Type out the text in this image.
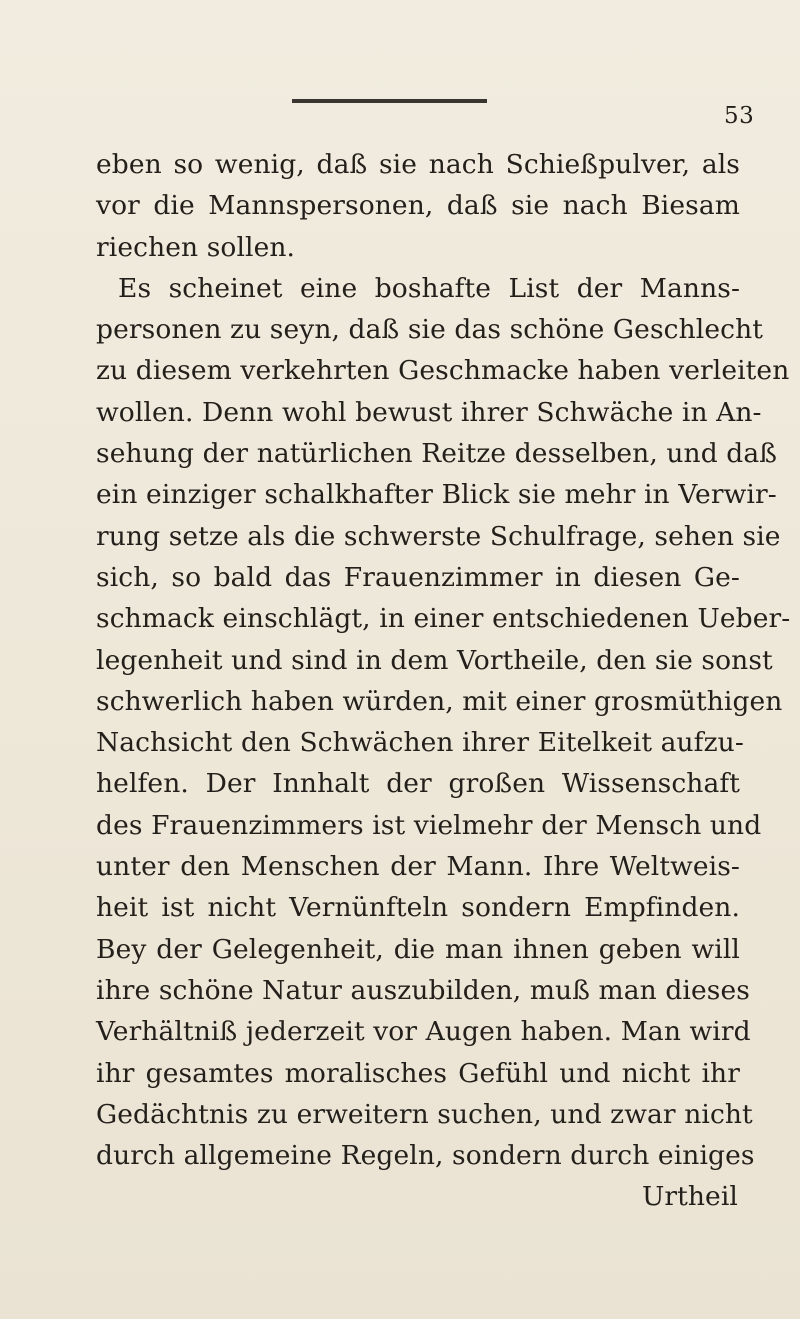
53
eben so wenig, daß sie nach Schießpulver, als
vor die Mannspersonen, daß sie nach Biesam
riechen sollen.
Es scheinet eine boshafte List der Manns-
personen zu seyn, daß sie das schöne Geschlecht
zu diesem verkehrten Geschmacke haben verleiten
wollen. Denn wohl bewust ihrer Schwäche in An-
sehung der natürlichen Reitze desselben, und daß
ein einziger schalkhafter Blick sie mehr in Verwir-
rung setze als die schwerste Schulfrage, sehen sie
sich, so bald das Frauenzimmer in diesen Ge-
schmack einschlägt, in einer entschiedenen Ueber-
legenheit und sind in dem Vortheile, den sie sonst
schwerlich haben würden, mit einer grosmüthigen
Nachsicht den Schwächen ihrer Eitelkeit aufzu-
helfen. Der Innhalt der großen Wissenschaft
des Frauenzimmers ist vielmehr der Mensch und
unter den Menschen der Mann. Ihre Weltweis-
heit ist nicht Vernünfteln sondern Empfinden.
Bey der Gelegenheit, die man ihnen geben will
ihre schöne Natur auszubilden, muß man dieses
Verhältniß jederzeit vor Augen haben. Man wird
ihr gesamtes moralisches Gefühl und nicht ihr
Gedächtnis zu erweitern suchen, und zwar nicht
durch allgemeine Regeln, sondern durch einiges
Urtheil
